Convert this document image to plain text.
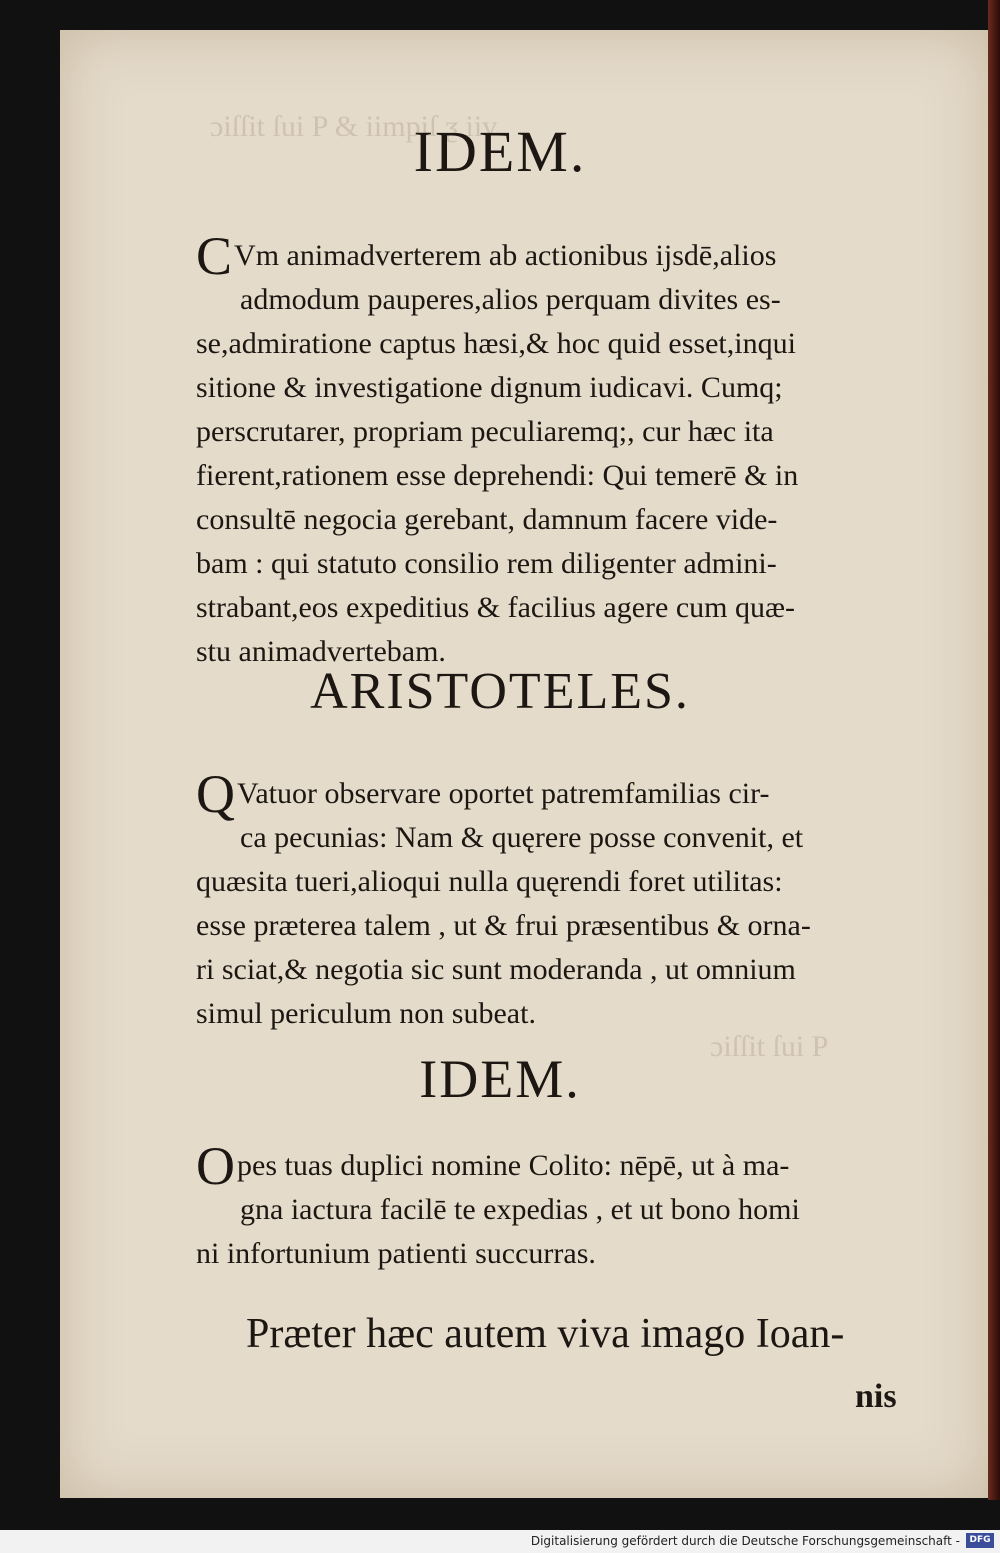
ɔiſſit ſui P & iimpiſ ƺ iiv
ɔiſſit ſui P
IDEM.
C Vm animadverterem ab actionibus ijsdē,alios
admodum pauperes,alios perquam divites es-
se,admiratione captus hæsi,& hoc quid esset,inqui
sitione & investigatione dignum iudicavi. Cumq;
perscrutarer, propriam peculiaremq;, cur hæc ita
fierent,rationem esse deprehendi: Qui temerē & in
consultē negocia gerebant, damnum facere vide-
bam : qui statuto consilio rem diligenter admini-
strabant,eos expeditius & facilius agere cum quæ-
stu animadvertebam.
ARISTOTELES.
Q Vatuor observare oportet patremfamilias cir-
ca pecunias: Nam & quęrere posse convenit, et
quæsita tueri,alioqui nulla quęrendi foret utilitas:
esse præterea talem , ut & frui præsentibus & orna-
ri sciat,& negotia sic sunt moderanda , ut omnium
simul periculum non subeat.
IDEM.
O pes tuas duplici nomine Colito: nēpē, ut à ma-
gna iactura facilē te expedias , et ut bono homi
ni infortunium patienti succurras.
Præter hæc autem viva imago Ioan-
nis
Digitalisierung gefördert durch die Deutsche Forschungsgemeinschaft -	DFG
